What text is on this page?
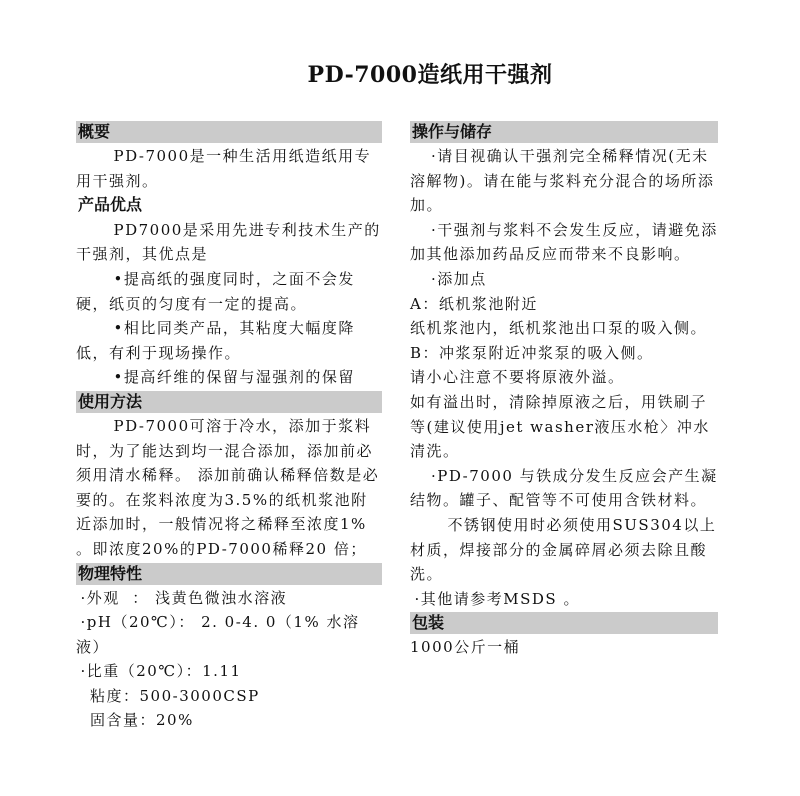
PD-7000造纸用干强剂
概要

PD-7000是一种生活用纸造纸用专用干强剂。

产品优点

PD7000是采用先进专利技术生产的干强剂，其优点是

•提高纸的强度同时，之面不会发硬，纸页的匀度有一定的提高。

•相比同类产品，其粘度大幅度降低，有利于现场操作。

•提高纤维的保留与湿强剂的保留

使用方法

PD-7000可溶于冷水，添加于浆料时，为了能达到均一混合添加，添加前必须用清水稀释。 添加前确认稀释倍数是必要的。在浆料浓度为3.5%的纸机浆池附近添加时，一般情况将之稀释至浓度1% 。即浓度20%的PD-7000稀释20 倍；

物理特性

·外观  ： 浅黄色微浊水溶液

·pH（20℃）： 2. 0-4. 0（1% 水溶液）

·比重（20℃）：1.11

粘度：500-3000CSP

固含量：20%

操作与储存

·请目视确认干强剂完全稀释情况(无未溶解物)。请在能与浆料充分混合的场所添加。

·干强剂与浆料不会发生反应，请避免添加其他添加药品反应而带来不良影响。

·添加点

A：纸机浆池附近

纸机浆池内，纸机浆池出口泵的吸入侧。

B：冲浆泵附近冲浆泵的吸入侧。

请小心注意不要将原液外溢。

如有溢出时，清除掉原液之后，用铁刷子等(建议使用jet washer液压水枪〉冲水清洗。

·PD-7000 与铁成分发生反应会产生凝结物。罐子、配管等不可使用含铁材料。

不锈钢使用时必须使用SUS304以上材质，焊接部分的金属碎屑必须去除且酸洗。

·其他请参考MSDS 。

包装

1000公斤一桶
